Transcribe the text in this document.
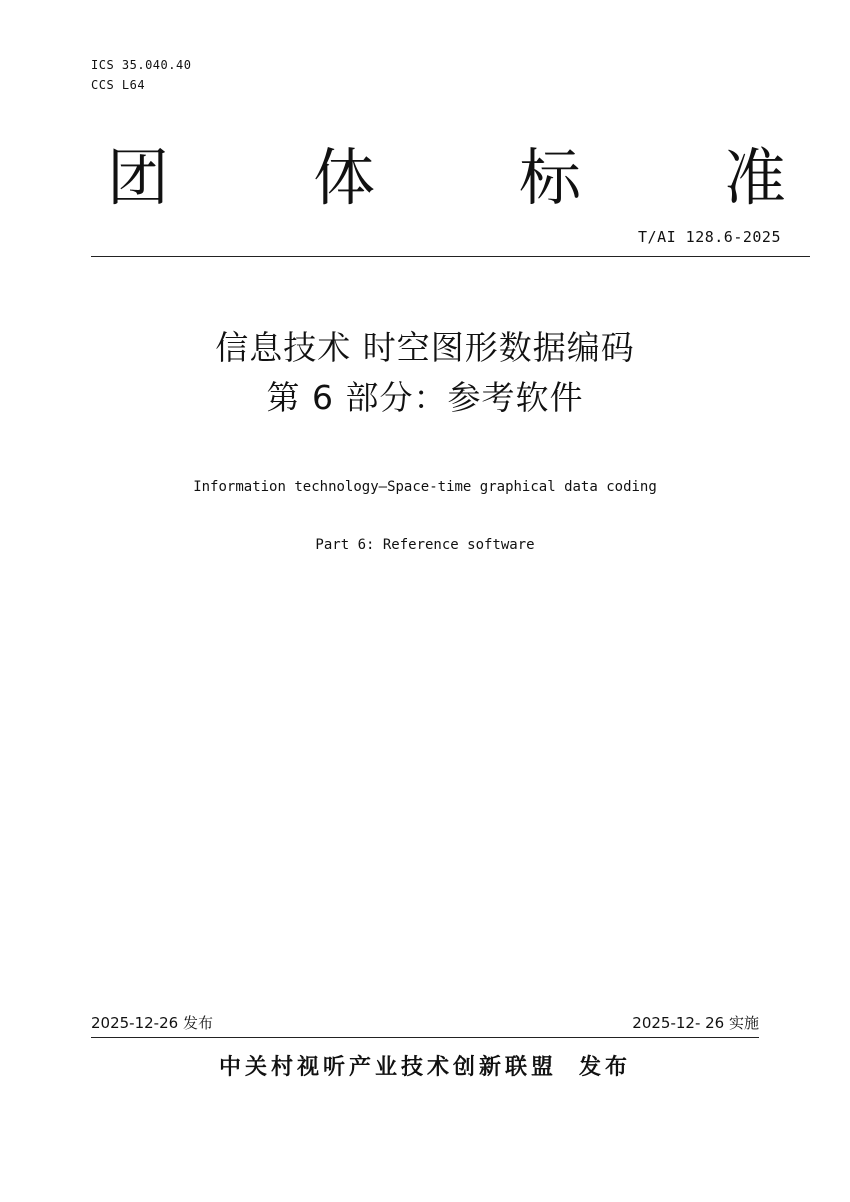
ICS 35.040.40
CCS L64
团 体 标 准
T/AI 128.6-2025
信息技术 时空图形数据编码
第 6 部分：参考软件
Information technology—Space-time graphical data coding
Part 6: Reference software
2025-12-26 发布	2025-12- 26 实施
中关村视听产业技术创新联盟 发布
